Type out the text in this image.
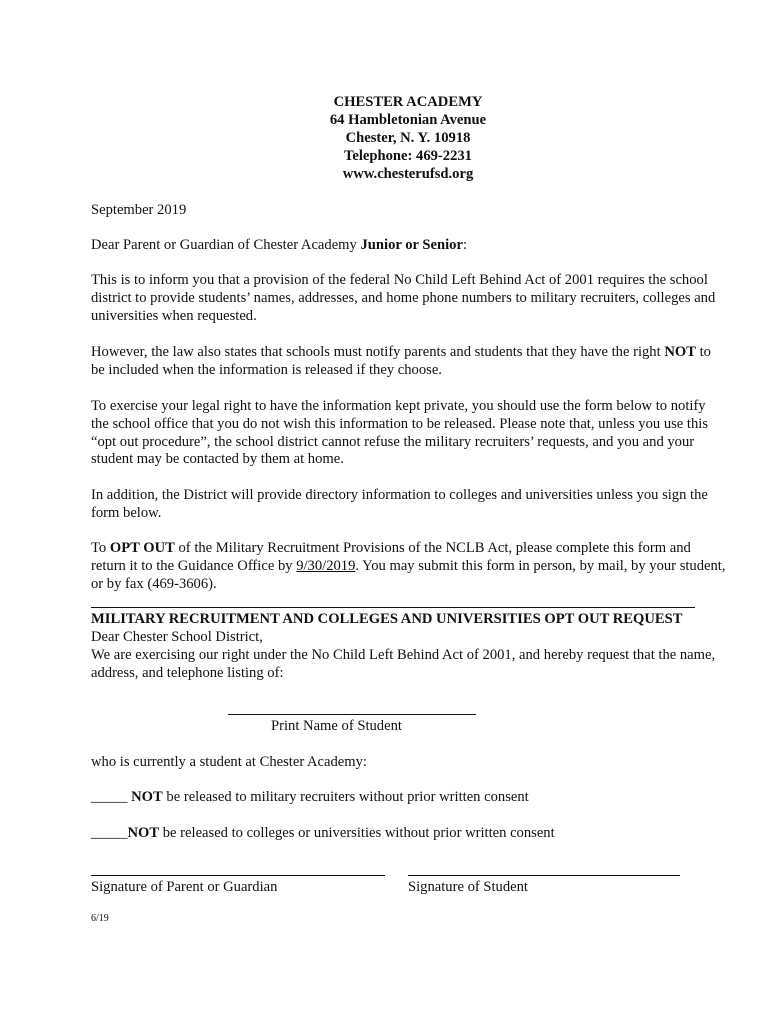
CHESTER ACADEMY
64 Hambletonian Avenue
Chester, N. Y. 10918
Telephone: 469-2231
www.chesterufsd.org

September 2019

Dear Parent or Guardian of Chester Academy Junior or Senior:

This is to inform you that a provision of the federal No Child Left Behind Act of 2001 requires the school district to provide students’ names, addresses, and home phone numbers to military recruiters, colleges and universities when requested.

However, the law also states that schools must notify parents and students that they have the right NOT to be included when the information is released if they choose.

To exercise your legal right to have the information kept private, you should use the form below to notify the school office that you do not wish this information to be released. Please note that, unless you use this “opt out procedure”, the school district cannot refuse the military recruiters’ requests, and you and your student may be contacted by them at home.

In addition, the District will provide directory information to colleges and universities unless you sign the form below.

To OPT OUT of the Military Recruitment Provisions of the NCLB Act, please complete this form and return it to the Guidance Office by 9/30/2019. You may submit this form in person, by mail, by your student, or by fax (469-3606).

MILITARY RECRUITMENT AND COLLEGES AND UNIVERSITIES OPT OUT REQUEST

Dear Chester School District,

We are exercising our right under the No Child Left Behind Act of 2001, and hereby request that the name, address, and telephone listing of:

Print Name of Student

who is currently a student at Chester Academy:

_____ NOT be released to military recruiters without prior written consent

_____NOT be released to colleges or universities without prior written consent

Signature of Parent or Guardian	Signature of Student
6/19
